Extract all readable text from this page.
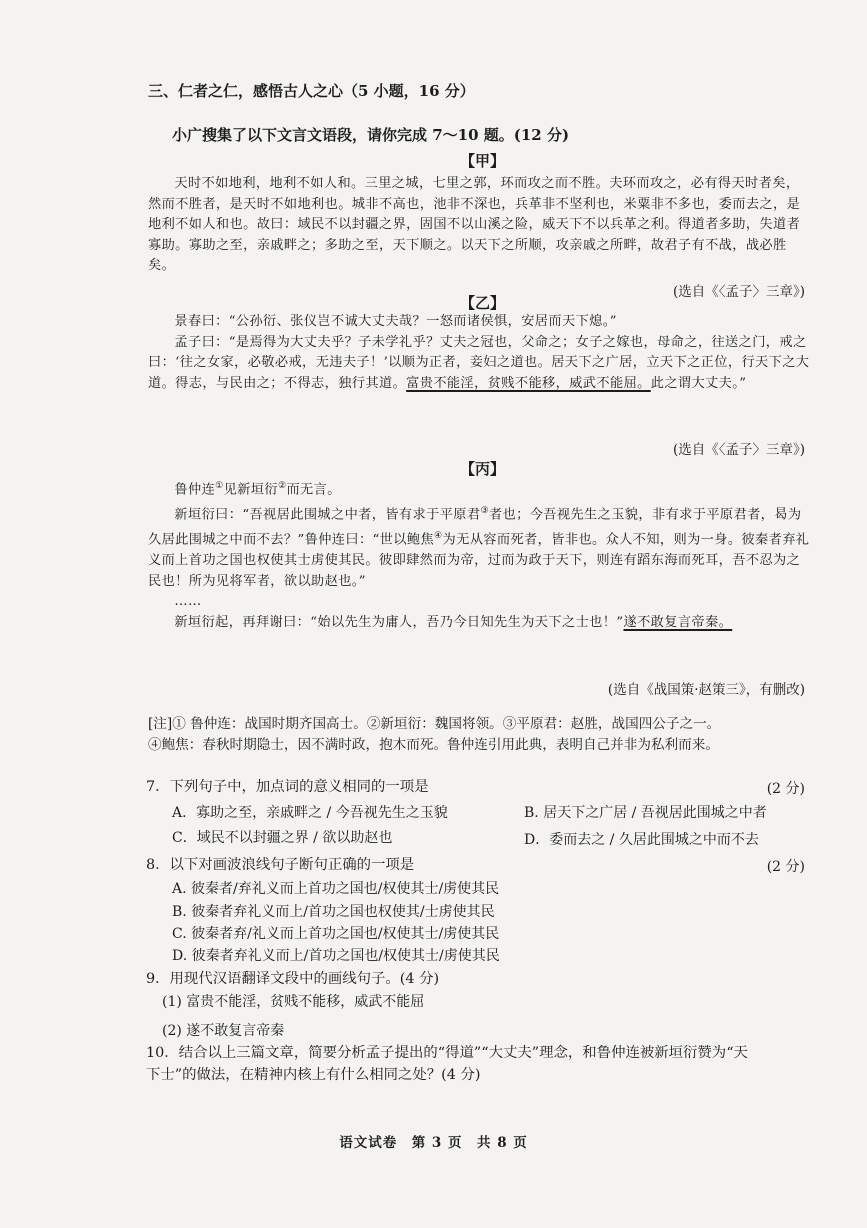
三、仁者之仁，感悟古人之心（5 小题，16 分）
小广搜集了以下文言文语段，请你完成 7～10 题。(12 分)
【甲】

天时不如地利，地利不如人和。三里之城，七里之郭，环而攻之而不胜。夫环而攻之，必有得天时者矣，然而不胜者，是天时不如地利也。城非不高也，池非不深也，兵革非不坚利也，米粟非不多也，委而去之，是地利不如人和也。故曰：域民不以封疆之界，固国不以山溪之险，威天下不以兵革之利。得道者多助，失道者寡助。寡助之至，亲戚畔之；多助之至，天下顺之。以天下之所顺，攻亲戚之所畔，故君子有不战，战必胜矣。

(选自《〈孟子〉三章》)
【乙】

景春曰：“公孙衍、张仪岂不诚大丈夫哉？一怒而诸侯惧，安居而天下熄。”

孟子曰：“是焉得为大丈夫乎？子未学礼乎？丈夫之冠也，父命之；女子之嫁也，母命之，往送之门，戒之曰：‘往之女家，必敬必戒，无违夫子！’以顺为正者，妾妇之道也。居天下之广居，立天下之正位，行天下之大道。得志，与民由之；不得志，独行其道。富贵不能淫，贫贱不能移，威武不能屈。此之谓大丈夫。”

(选自《〈孟子〉三章》)
【丙】

鲁仲连①见新垣衍②而无言。

新垣衍曰：“吾视居此围城之中者，皆有求于平原君③者也；今吾视先生之玉貌，非有求于平原君者，曷为久居此围城之中而不去？”鲁仲连曰：“世以鲍焦④为无从容而死者，皆非也。众人不知，则为一身。彼秦者弃礼义而上首功之国也权使其士虏使其民。彼即肆然而为帝，过而为政于天下，则连有蹈东海而死耳，吾不忍为之民也！所为见将军者，欲以助赵也。”

……

新垣衍起，再拜谢曰：“始以先生为庸人，吾乃今日知先生为天下之士也！”遂不敢复言帝秦。

(选自《战国策·赵策三》，有删改)
[注]① 鲁仲连：战国时期齐国高士。②新垣衍：魏国将领。③平原君：赵胜，战国四公子之一。
④鲍焦：春秋时期隐士，因不满时政，抱木而死。鲁仲连引用此典，表明自己并非为私利而来。
7．下列句子中，加点词的意义相同的一项是	(2 分)
A．寡助之至，亲戚畔之 / 今吾视先生之玉貌	B. 居天下之广居 / 吾视居此围城之中者
C．域民不以封疆之界 / 欲以助赵也	D．委而去之 / 久居此围城之中而不去
8．以下对画波浪线句子断句正确的一项是	(2 分)
A. 彼秦者/弃礼义而上首功之国也/权使其士/虏使其民
B. 彼秦者弃礼义而上/首功之国也权使其/士虏使其民
C. 彼秦者弃/礼义而上首功之国也/权使其士/虏使其民
D. 彼秦者弃礼义而上/首功之国也/权使其士/虏使其民
9．用现代汉语翻译文段中的画线句子。(4 分)
(1) 富贵不能淫，贫贱不能移，威武不能屈
(2) 遂不敢复言帝秦
10．结合以上三篇文章，简要分析孟子提出的“得道”“大丈夫”理念，和鲁仲连被新垣衍赞为“天
下士”的做法，在精神内核上有什么相同之处？(4 分)
语文试卷　第 3 页　共 8 页
